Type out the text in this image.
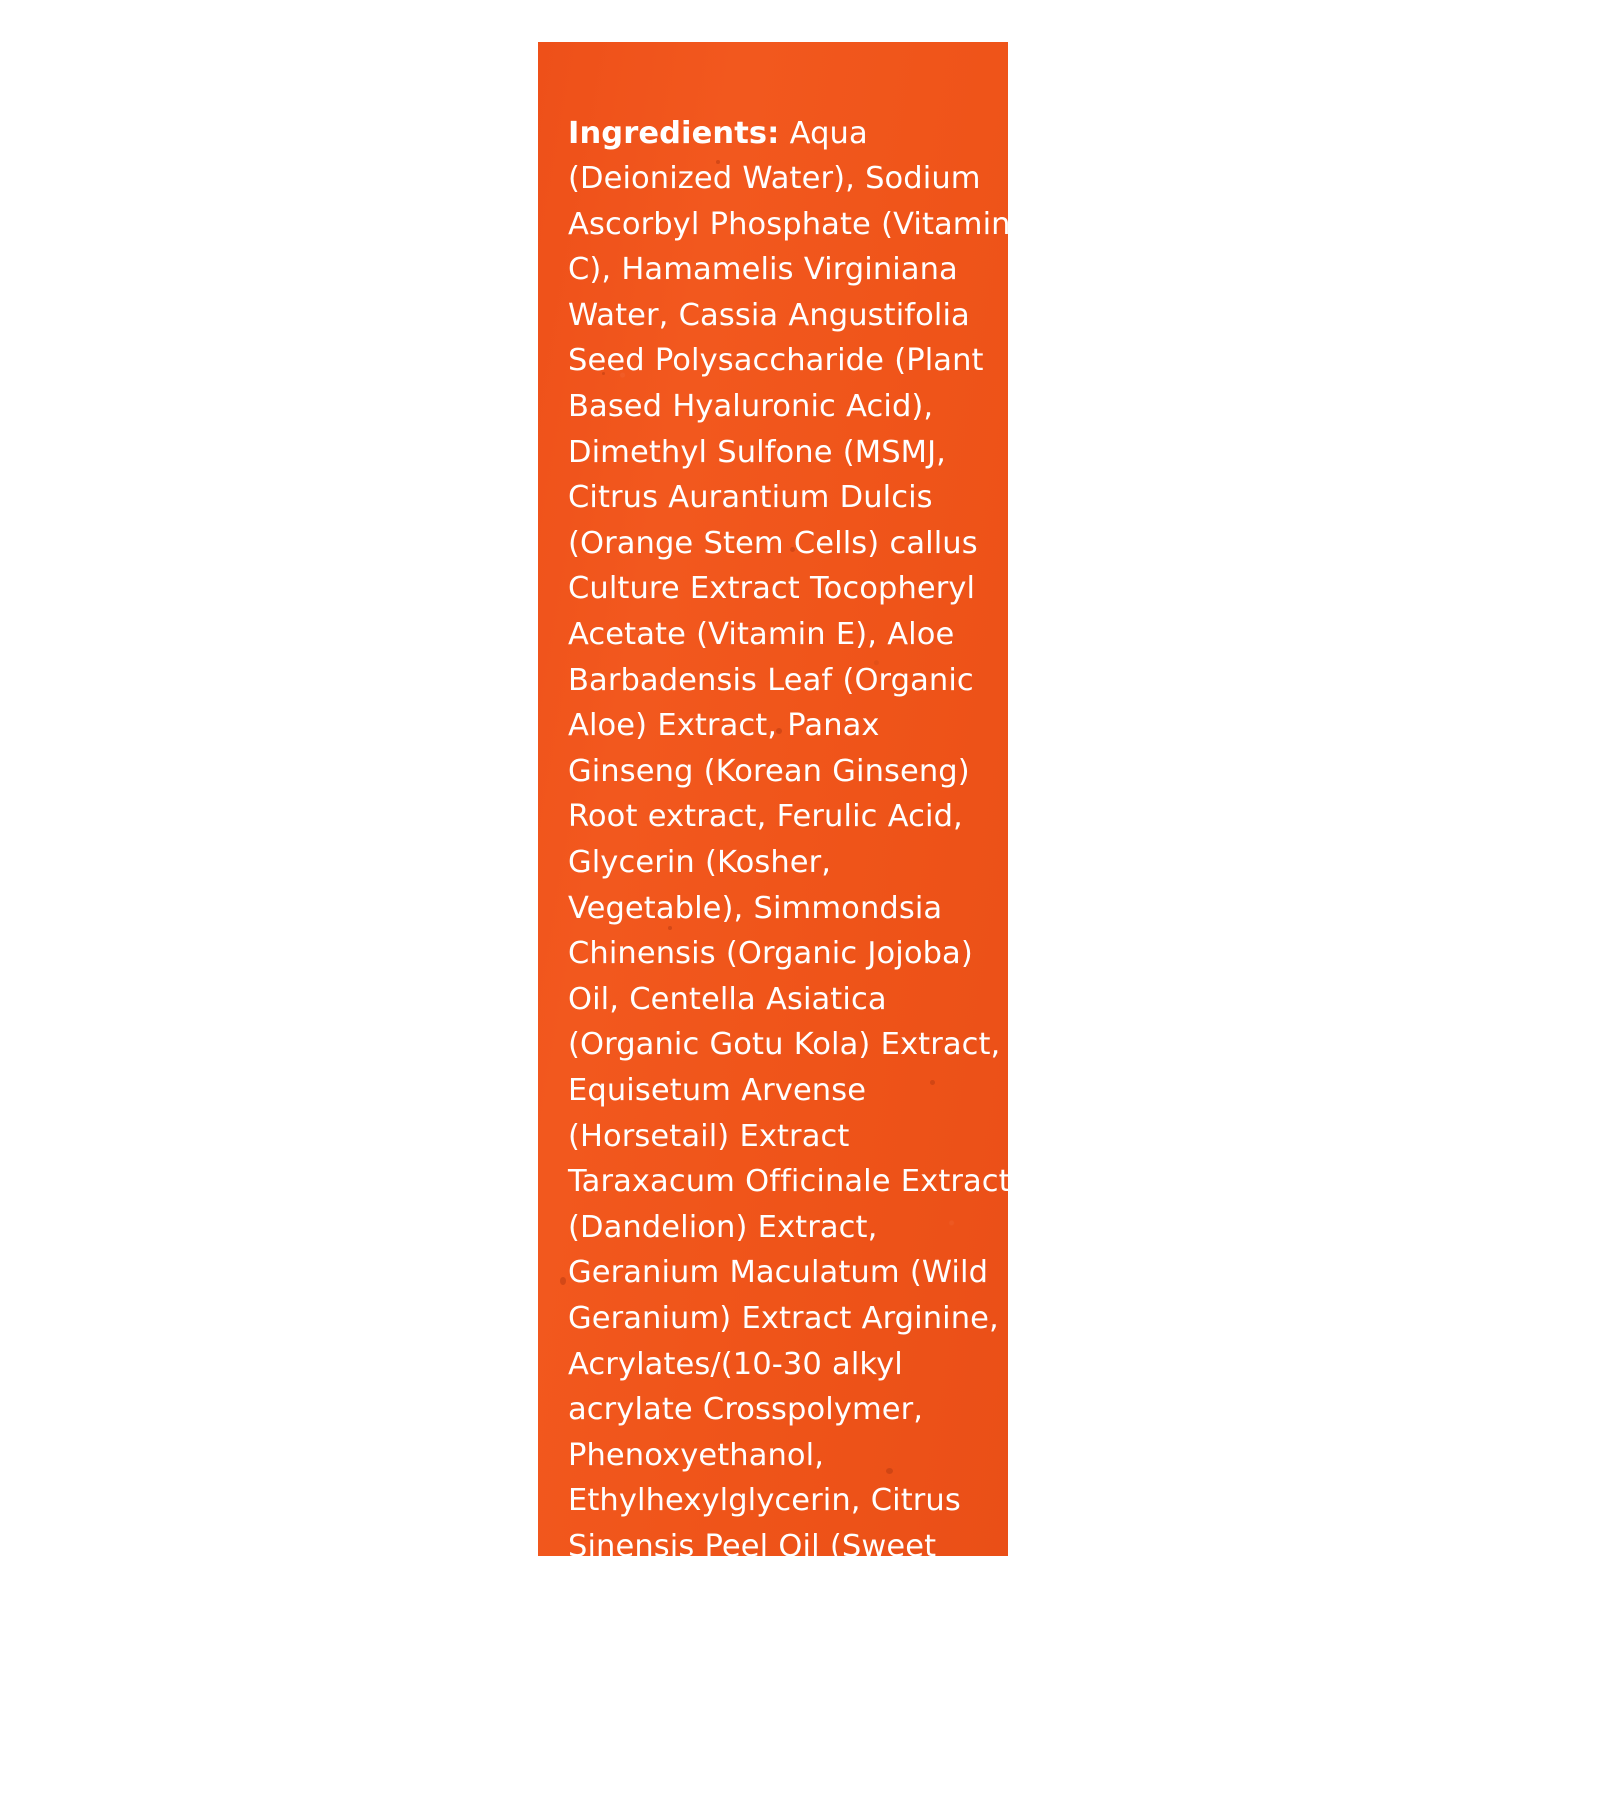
Ingredients: Aqua (Deionized Water), Sodium Ascorbyl Phosphate (Vitamin C), Hamamelis Virginiana Water, Cassia Angustifolia Seed Polysaccharide (Plant Based Hyaluronic Acid), Dimethyl Sulfone (MSMJ, Citrus Aurantium Dulcis (Orange Stem Cells) callus Culture Extract Tocopheryl Acetate (Vitamin E), Aloe Barbadensis Leaf (Organic Aloe) Extract, Panax Ginseng (Korean Ginseng) Root extract, Ferulic Acid, Glycerin (Kosher, Vegetable), Simmondsia Chinensis (Organic Jojoba) Oil, Centella Asiatica (Organic Gotu Kola) Extract, Equisetum Arvense (Horsetail) Extract Taraxacum Officinale Extract (Dandelion) Extract, Geranium Maculatum (Wild Geranium) Extract Arginine, Acrylates/(10-30 alkyl acrylate Crosspolymer, Phenoxyethanol, Ethylhexylglycerin, Citrus Sinensis Peel Oil (Sweet Orange).

Select Ingredients Imported
from South Korea.
